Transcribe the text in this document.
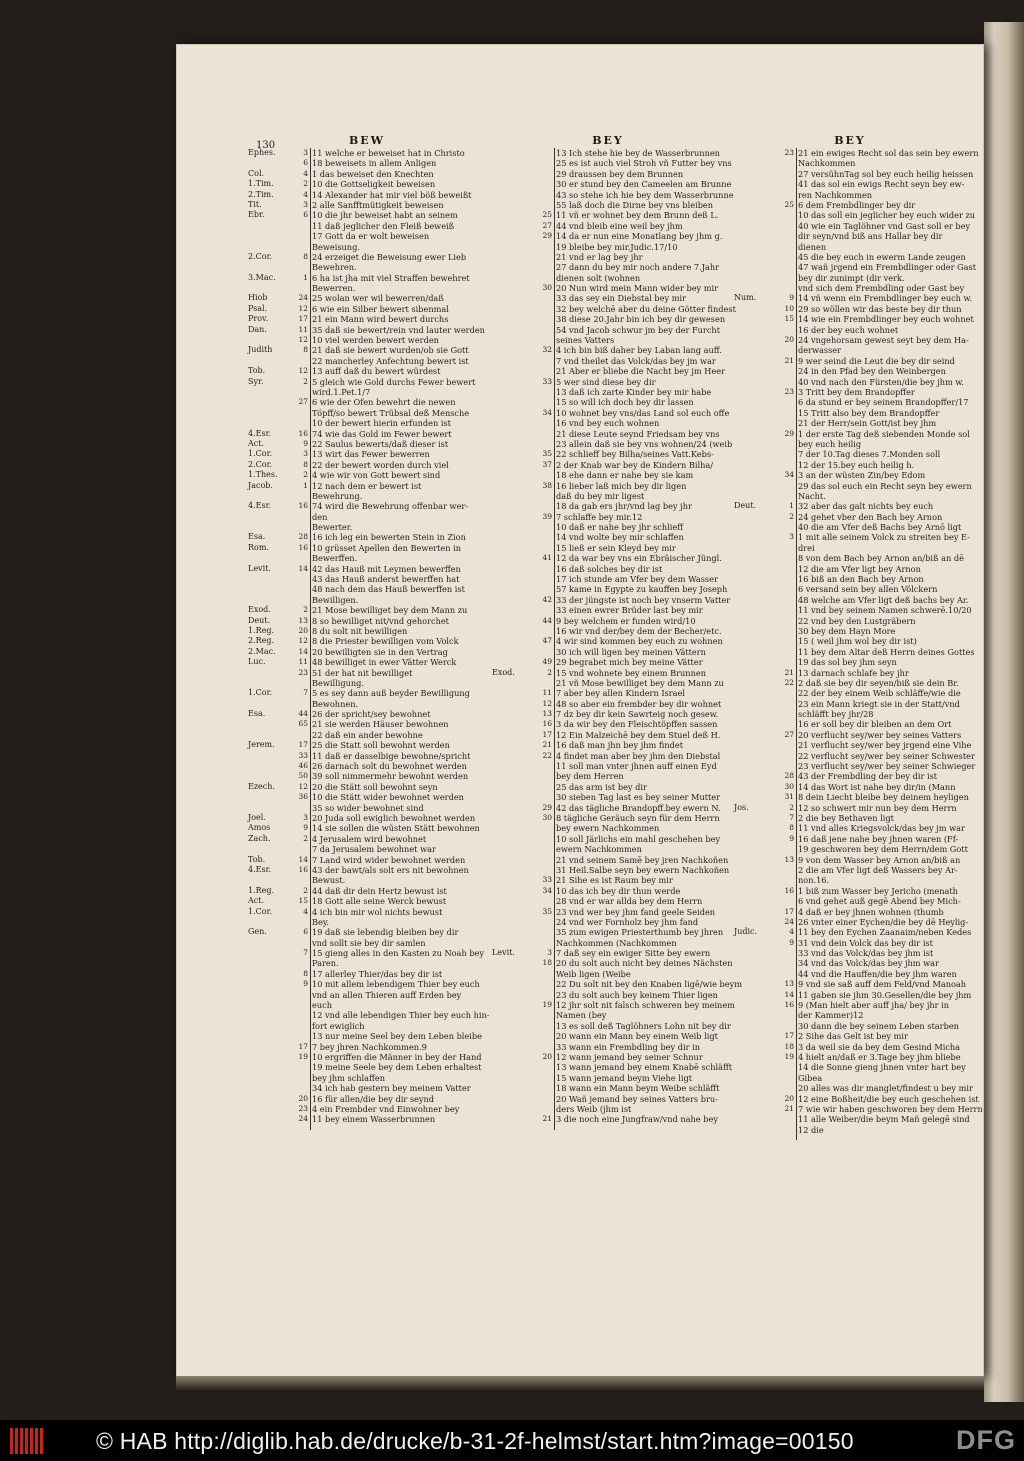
130	BEW
Ephes.	3 11 welche er beweiset hat in Christo
6 18 beweisets in allem Anligen
Col.	4 1 das beweiset den Knechten
1.Tim.	2 10 die Gottseligkeit beweisen
2.Tim.	4 14 Alexander hat mir viel böß beweißt
Tit.	3 2 alle Sanfftmütigkeit beweisen
Ebr.	6 10 die jhr beweiset habt an seinem
11 daß jeglicher den Fleiß beweiß
17 Gott da er wolt beweisen
Beweisung.
2.Cor.	8 24 erzeiget die Beweisung ewer Lieb
Bewehren.
3.Mac.	1 6 ha ist jha mit viel Straffen bewehret
Bewerren.
Hiob	24 25 wolan wer wil bewerren/daß
Psal.	12 6 wie ein Silber bewert sibenmal
Prov.	17 21 ein Mann wird bewert durchs
Dan.	11 35 daß sie bewert/rein vnd lauter werden
12 10 viel werden bewert werden
Judith	8 21 daß sie bewert wurden/ob sie Gott
22 mancherley Anfechtung bewert ist
Tob.	12 13 auff daß du bewert würdest
Syr.	2 5 gleich wie Gold durchs Fewer bewert
wird.1.Pet.1/7
27 6 wie der Ofen bewehrt die newen
Töpff/so bewert Trübsal deß Mensche
10 der bewert hierin erfunden ist
4.Esr.	16 74 wie das Gold im Fewer bewert
Act.	9 22 Saulus bewerts/daß dieser ist
1.Cor.	3 13 wirt das Fewer bewerren
2.Cor.	8 22 der bewert worden durch viel
1.Thes.	2 4 wie wir von Gott bewert sind
Jacob.	1 12 nach dem er bewert ist
Bewehrung.
4.Esr.	16 74 wird die Bewehrung offenbar wer-
den
Bewerter.
Esa.	28 16 ich leg ein bewerten Stein in Zion
Rom.	16 10 grüsset Apellen den Bewerten in
Bewerffen.
Levit.	14 42 das Hauß mit Leymen bewerffen
43 das Hauß anderst bewerffen hat
48 nach dem das Hauß bewerffen ist
Bewilligen.
Exod.	2 21 Mose bewilliget bey dem Mann zu
Deut.	13 8 so bewilliget nit/vnd gehorchet
1.Reg.	20 8 du solt nit bewilligen
2.Reg.	12 8 die Priester bewilligen vom Volck
2.Mac.	14 20 bewilligten sie in den Vertrag
Luc.	11 48 bewilliget in ewer Vätter Werck
23 51 der hat nit bewilliget
Bewilligung.
1.Cor.	7 5 es sey dann auß beyder Bewilligung
Bewohnen.
Esa.	44 26 der spricht/sey bewohnet
65 21 sie werden Häuser bewohnen
22 daß ein ander bewohne
Jerem.	17 25 die Statt soll bewohnt werden
33 11 daß er dasselbige bewohne/spricht
46 26 darnach solt du bewohnet werden
50 39 soll nimmermehr bewohnt werden
Ezech.	12 20 die Stätt soll bewohnt seyn
36 10 die Stätt wider bewohnet werden
35 so wider bewohnet sind
Joel.	3 20 Juda soll ewiglich bewohnet werden
Amos	9 14 sie sollen die wüsten Stätt bewohnen
Zach.	2 4 Jerusalem wird bewohnet
7 da Jerusalem bewohnet war
Tob.	14 7 Land wird wider bewohnet werden
4.Esr.	16 43 der bawt/als solt ers nit bewohnen
Bewust.
1.Reg.	2 44 daß dir dein Hertz bewust ist
Act.	15 18 Gott alle seine Werck bewust
1.Cor.	4 4 ich bin mir wol nichts bewust
Bey.
Gen.	6 19 daß sie lebendig bleiben bey dir
vnd sollt sie bey dir samlen
7 15 gieng alles in den Kasten zu Noah bey
Paren.
8 17 allerley Thier/das bey dir ist
9 10 mit allem lebendigem Thier bey euch
vnd an allen Thieren auff Erden bey
euch
12 vnd alle lebendigen Thier bey euch hin-
fort ewiglich
13 nur meine Seel bey dem Leben bleibe
17 7 bey jhren Nachkommen.9
19 10 ergriffen die Männer in bey der Hand
19 meine Seele bey dem Leben erhaltest
bey jhm schlaffen
34 ich hab gestern bey meinem Vatter
20 16 für allen/die bey dir seynd
23 4 ein Frembder vnd Einwohner bey
24 11 bey einem Wasserbrunnen
BEY
13 Ich stehe hie bey de Wasserbrunnen
25 es ist auch viel Stroh vñ Futter bey vns
29 draussen bey dem Brunnen
30 er stund bey den Cameelen am Brunne
43 so stehe ich hie bey dem Wasserbrunne
55 laß doch die Dirne bey vns bleiben
25 11 vñ er wohnet bey dem Brunn deß L.
27 44 vnd bleib eine weil bey jhm
29 14 da er nun eine Monatlang bey jhm g.
19 bleibe bey mir.Judic.17/10
21 vnd er lag bey jhr
27 dann du bey mir noch andere 7.Jahr
dienen solt (wohnen
30 20 Nun wird mein Mann wider bey mir
33 das sey ein Diebstal bey mir
32 bey welchē aber du deine Götter findest
38 diese 20.Jahr bin ich bey dir gewesen
54 vnd Jacob schwur jm bey der Furcht
seines Vatters
32 4 ich bin biß daher bey Laban lang auff.
7 vnd theilet das Volck/das bey jm war
21 Aber er bliebe die Nacht bey jm Heer
33 5 wer sind diese bey dir
13 daß ich zarte Kinder bey mir habe
15 so will ich doch bey dir lassen
34 10 wohnet bey vns/das Land sol euch offe
16 vnd bey euch wohnen
21 diese Leute seynd Friedsam bey vns
23 allein daß sie bey vns wohnen/24 (weib
35 22 schlieff bey Bilha/seines Vatt.Kebs-
37 2 der Knab war bey de Kindern Bilha/
18 ehe dann er nahe bey sie kam
38 16 lieber laß mich bey dir ligen
daß du bey mir ligest
18 da gab ers jhr/vnd lag bey jhr
39 7 schlaffe bey mir.12
10 daß er nahe bey jhr schlieff
14 vnd wolte bey mir schlaffen
15 ließ er sein Kleyd bey mir
41 12 da war bey vns ein Ebräischer Jüngl.
16 daß solches bey dir ist
17 ich stunde am Vfer bey dem Wasser
57 kame in Egypte zu kauffen bey Joseph
42 33 der jüngste ist noch bey vnserm Vatter
33 einen ewrer Brüder last bey mir
44 9 bey welchem er funden wird/10
16 wir vnd der/bey dem der Becher/etc.
47 4 wir sind kommen bey euch zu wohnen
30 ich will ligen bey meinen Vättern
49 29 begrabet mich bey meine Vätter
Exod.	2 15 vnd wohnete bey einem Brunnen
21 vñ Mose bewilliget bey dem Mann zu
11 7 aber bey allen Kindern Israel
12 48 so aber ein frembder bey dir wohnet
13 7 dz bey dir kein Sawrteig noch gesew.
16 3 da wir bey den Fleischtöpffen sassen
17 12 Ein Malzeichē bey dem Stuel deß H.
21 16 daß man jhn bey jhm findet
22 4 findet man aber bey jhm den Diebstal
11 soll man vnter jhnen auff einen Eyd
bey dem Herren
25 das arm ist bey dir
30 sieben Tag last es bey seiner Mutter
29 42 das tägliche Brandopff.bey ewern N.
30 8 tägliche Geräuch seyn für dem Herrn
bey ewern Nachkommen
10 soll Järlichs ein mahl geschehen bey
ewern Nachkommen
21 vnd seinem Samē bey jren Nachkoñen
31 Heil.Salbe seyn bey ewern Nachkoñen
33 21 Sihe es ist Raum bey mir
34 10 das ich bey dir thun werde
28 vnd er war allda bey dem Herrn
35 23 vnd wer bey jhm fand geele Seiden
24 vnd wer Fornholz bey jhm fand
35 zum ewigen Priesterthumb bey jhren
Nachkommen (Nachkommen
Levit.	3 7 daß sey ein ewiger Sitte bey ewern
18 20 du solt auch nicht bey deines Nächsten
Weib ligen (Weibe
22 Du solt nit bey den Knaben ligē/wie beym
23 du solt auch bey keinem Thier ligen
19 12 jhr solt nit falsch schweren bey meinem
Namen (bey
13 es soll deß Taglöhners Lohn nit bey dir
20 wann ein Mann bey einem Weib ligt
33 wann ein Frembdling bey dir in
20 12 wann jemand bey seiner Schnur
13 wann jemand bey einem Knabē schläfft
15 wann jemand beym Viehe ligt
18 wann ein Mann beym Weibe schläfft
20 Wañ jemand bey seines Vatters bru-
ders Weib (jhm ist
21 3 die noch eine Jungfraw/vnd nahe bey
BEY
23 21 ein ewiges Recht sol das sein bey ewern
Nachkommen
27 versühnTag sol bey euch heilig heissen
41 das sol ein ewigs Recht seyn bey ew-
ren Nachkommen
25 6 dem Frembdlinger bey dir
10 das soll ein jeglicher bey euch wider zu
40 wie ein Taglöhner vnd Gast soll er bey
dir seyn/vnd biß ans Hallar bey dir
dienen
45 die bey euch in ewerm Lande zeugen
47 wañ jrgend ein Frembdlinger oder Gast
bey dir zunimpt (dir verk.
vnd sich dem Frembdling oder Gast bey
Num.	9 14 vñ wenn ein Frembdlinger bey euch w.
10 29 so wöllen wir das beste bey dir thun
15 14 wie ein Frembdlinger bey euch wohnet
16 der bey euch wohnet
20 24 vngehorsam gewest seyt bey dem Ha-
derwasser
21 9 wer seind die Leut die bey dir seind
24 in den Pfad bey den Weinbergen
40 vnd nach den Fürsten/die bey jhm w.
23 3 Tritt bey dem Brandopffer
6 da stund er bey seinem Brandopffer/17
15 Tritt also bey dem Brandopffer
21 der Herr/sein Gott/ist bey jhm
29 1 der erste Tag deß siebenden Monde sol
bey euch heilig
7 der 10.Tag dieses 7.Monden soll
12 der 15.bey euch heilig h.
34 3 an der wüsten Zin/bey Edom
29 das sol euch ein Recht seyn bey ewern
Nacht.
Deut.	1 32 aber das galt nichts bey euch
2 24 gehet vber den Bach bey Arnon
40 die am Vfer deß Bachs bey Arnō ligt
3 1 mit alle seinem Volck zu streiten bey E-
drei
8 von dem Bach bey Arnon an/biß an dē
12 die am Vfer ligt bey Arnon
16 biß an den Bach bey Arnon
6 versand sein bey allen Völckern
48 welche am Vfer ligt deß bachs bey Ar.
11 vnd bey seinem Namen schwerē.10/20
22 vnd bey den Lustgräbern
30 bey dem Hayn More
15 ( weil jhm wol bey dir ist)
11 bey dem Altar deß Herrn deines Gottes
19 das sol bey jhm seyn
21 13 darnach schlafe bey jhr
22 2 daß sie bey dir seyen/biß sie dein Br.
22 der bey einem Weib schläffe/wie die
23 ein Mann kriegt sie in der Statt/vnd
schläfft bey jhr/28
16 er soll bey dir bleiben an dem Ort
27 20 verflucht sey/wer bey seines Vatters
21 verflucht sey/wer bey jrgend eine Vihe
22 verflucht sey/wer bey seiner Schwester
23 verflucht sey/wer bey seiner Schwieger
28 43 der Frembdling der bey dir ist
30 14 das Wort ist nahe bey dir/in (Mann
31 8 dein Liecht bleibe bey deinem heyligen
Jos.	2 12 so schwert mir nun bey dem Herrn
7 2 die bey Bethaven ligt
8 11 vnd alles Kriegsvolck/das bey jm war
9 16 daß jene nahe bey jhnen waren (Ff-
19 geschworen bey dem Herrn/dem Gott
13 9 von dem Wasser bey Arnon an/biß an
2 die am Vfer ligt deß Wassers bey Ar-
non.16.
16 1 biß zum Wasser bey Jericho (menath
6 vnd gehet auß gegē Abend bey Mich-
17 4 daß er bey jhnen wohnen (thumb
24 26 vnter einer Eychen/die bey dē Heylig-
Judic.	4 11 bey den Eychen Zaanaim/neben Kedes
9 31 vnd dein Volck das bey dir ist
33 vnd das Volck/das bey jhm ist
34 vnd das Volck/das bey jhm war
44 vnd die Hauffen/die bey jhm waren
13 9 vnd sie saß auff dem Feld/vnd Manoah
14 11 gaben sie jhm 30.Gesellen/die bey jhm
16 9 (Man hielt aber auff jha/ bey jhr in
der Kammer)12
30 dann die bey seinem Leben starben
17 2 Sihe das Gelt ist bey mir
18 3 da weil sie da bey dem Gesind Micha
19 4 hielt an/daß er 3.Tage bey jhm bliebe
14 die Sonne gieng jhnen vnter hart bey
Gibea
20 alles was dir manglet/findest u bey mir
20 12 eine Boßheit/die bey euch geschehen ist
21 7 wie wir haben geschworen bey dem Herrn
11 alle Weiber/die beym Mañ gelegē sind
12 die
© HAB http://diglib.hab.de/drucke/b-31-2f-helmst/start.htm?image=00150	DFG
